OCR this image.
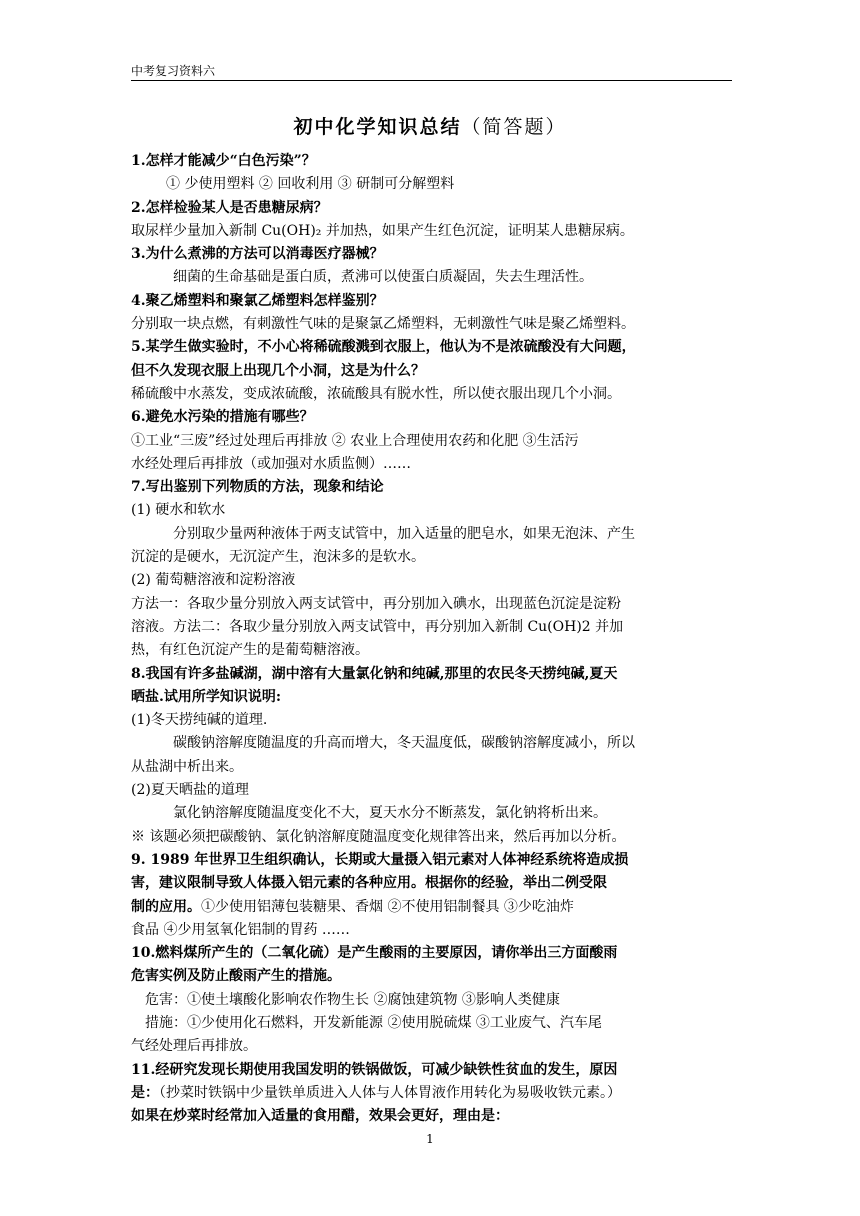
中考复习资料六
初中化学知识总结（简答题）

1.怎样才能减少“白色污染”？

① 少使用塑料 ② 回收利用 ③ 研制可分解塑料

2.怎样检验某人是否患糖尿病？

取尿样少量加入新制 Cu(OH)₂ 并加热，如果产生红色沉淀，证明某人患糖尿病。

3.为什么煮沸的方法可以消毒医疗器械？

细菌的生命基础是蛋白质，煮沸可以使蛋白质凝固，失去生理活性。

4.聚乙烯塑料和聚氯乙烯塑料怎样鉴别？

分别取一块点燃，有刺激性气味的是聚氯乙烯塑料，无刺激性气味是聚乙烯塑料。

5.某学生做实验时，不小心将稀硫酸溅到衣服上，他认为不是浓硫酸没有大问题，

但不久发现衣服上出现几个小洞，这是为什么？

稀硫酸中水蒸发，变成浓硫酸，浓硫酸具有脱水性，所以使衣服出现几个小洞。

6.避免水污染的措施有哪些？

①工业“三废”经过处理后再排放 ② 农业上合理使用农药和化肥 ③生活污

水经处理后再排放（或加强对水质监侧）……

7.写出鉴别下列物质的方法，现象和结论

(1) 硬水和软水

分别取少量两种液体于两支试管中，加入适量的肥皂水，如果无泡沫、产生

沉淀的是硬水，无沉淀产生，泡沫多的是软水。

(2) 葡萄糖溶液和淀粉溶液

方法一：各取少量分别放入两支试管中，再分别加入碘水，出现蓝色沉淀是淀粉

溶液。方法二：各取少量分别放入两支试管中，再分别加入新制 Cu(OH)2 并加

热，有红色沉淀产生的是葡萄糖溶液。

8.我国有许多盐碱湖，湖中溶有大量氯化钠和纯碱,那里的农民冬天捞纯碱,夏天

晒盐.试用所学知识说明:

(1)冬天捞纯碱的道理.

碳酸钠溶解度随温度的升高而增大，冬天温度低，碳酸钠溶解度减小，所以

从盐湖中析出来。

(2)夏天晒盐的道理

氯化钠溶解度随温度变化不大，夏天水分不断蒸发，氯化钠将析出来。

※ 该题必须把碳酸钠、氯化钠溶解度随温度变化规律答出来，然后再加以分析。

9. 1989 年世界卫生组织确认，长期或大量摄入铝元素对人体神经系统将造成损

害，建议限制导致人体摄入铝元素的各种应用。根据你的经验，举出二例受限

制的应用。①少使用铝薄包装糖果、香烟 ②不使用铝制餐具 ③少吃油炸

食品 ④少用氢氧化铝制的胃药 ……

10.燃料煤所产生的（二氧化硫）是产生酸雨的主要原因，请你举出三方面酸雨

危害实例及防止酸雨产生的措施。

危害：①使土壤酸化影响农作物生长 ②腐蚀建筑物 ③影响人类健康

措施：①少使用化石燃料，开发新能源 ②使用脱硫煤 ③工业废气、汽车尾

气经处理后再排放。

11.经研究发现长期使用我国发明的铁锅做饭，可减少缺铁性贫血的发生，原因

是：（抄菜时铁锅中少量铁单质进入人体与人体胃液作用转化为易吸收铁元素。）

如果在炒菜时经常加入适量的食用醋，效果会更好，理由是：

1
